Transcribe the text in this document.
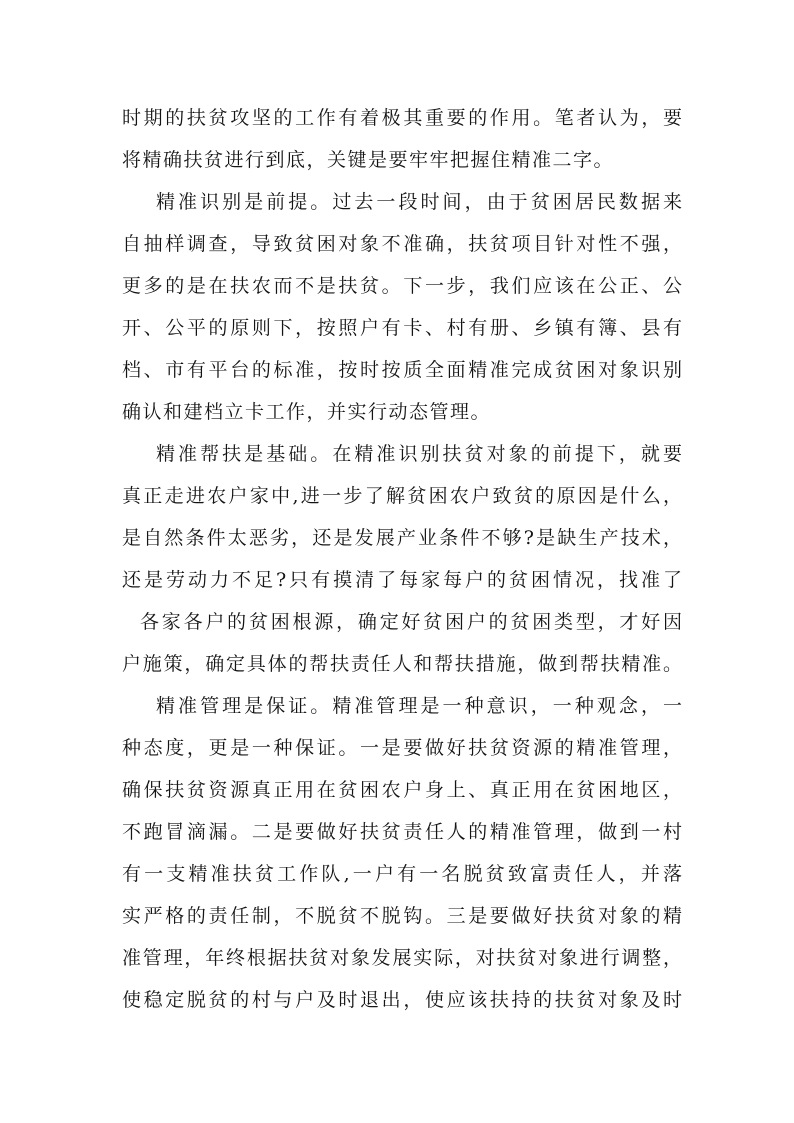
时期的扶贫攻坚的工作有着极其重要的作用。笔者认为，要

将精确扶贫进行到底，关键是要牢牢把握住精准二字。

精准识别是前提。过去一段时间，由于贫困居民数据来

自抽样调查，导致贫困对象不准确，扶贫项目针对性不强，

更多的是在扶农而不是扶贫。下一步，我们应该在公正、公

开、公平的原则下，按照户有卡、村有册、乡镇有簿、县有

档、市有平台的标准，按时按质全面精准完成贫困对象识别

确认和建档立卡工作，并实行动态管理。

精准帮扶是基础。在精准识别扶贫对象的前提下，就要

真正走进农户家中,进一步了解贫困农户致贫的原因是什么，

是自然条件太恶劣，还是发展产业条件不够?是缺生产技术，

还是劳动力不足?只有摸清了每家每户的贫困情况，找准了

各家各户的贫困根源，确定好贫困户的贫困类型，才好因

户施策，确定具体的帮扶责任人和帮扶措施，做到帮扶精准。

精准管理是保证。精准管理是一种意识，一种观念，一

种态度，更是一种保证。一是要做好扶贫资源的精准管理，

确保扶贫资源真正用在贫困农户身上、真正用在贫困地区，

不跑冒滴漏。二是要做好扶贫责任人的精准管理，做到一村

有一支精准扶贫工作队,一户有一名脱贫致富责任人，并落

实严格的责任制，不脱贫不脱钩。三是要做好扶贫对象的精

准管理，年终根据扶贫对象发展实际，对扶贫对象进行调整，

使稳定脱贫的村与户及时退出，使应该扶持的扶贫对象及时
